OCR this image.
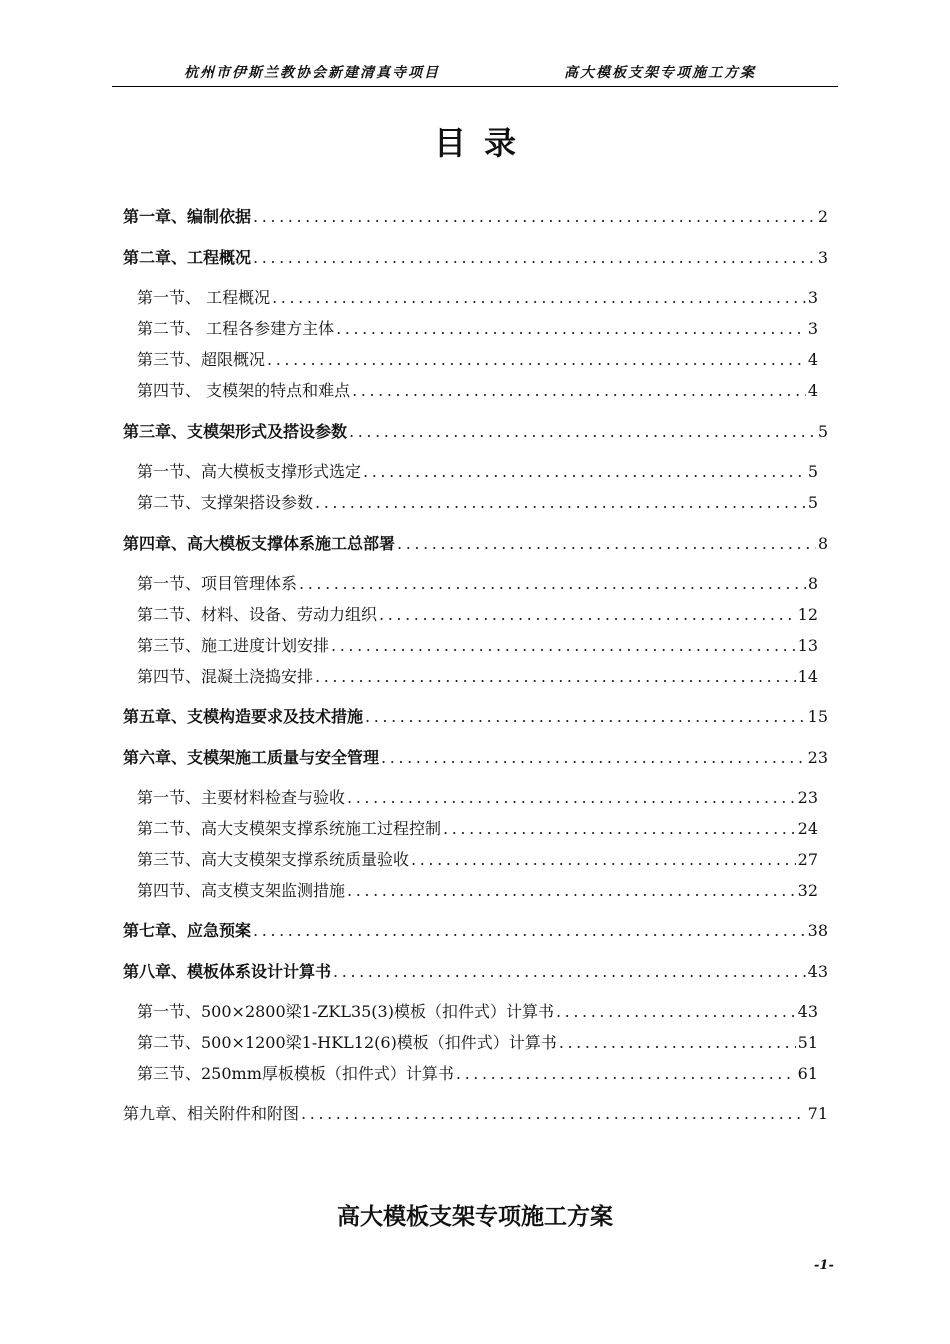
杭州市伊斯兰教协会新建清真寺项目	高大模板支架专项施工方案
目录
第一章、编制依据 .....	2
第二章、工程概况 .....	3
第一节、 工程概况 .....	3
第二节、 工程各参建方主体 .....	3
第三节、超限概况 .....	4
第四节、 支模架的特点和难点 .....	4
第三章、支模架形式及搭设参数 .....	5
第一节、高大模板支撑形式选定 .....	5
第二节、支撑架搭设参数 .....	5
第四章、高大模板支撑体系施工总部署 .....	8
第一节、项目管理体系 .....	8
第二节、材料、设备、劳动力组织 .....	12
第三节、施工进度计划安排 .....	13
第四节、混凝土浇捣安排 .....	14
第五章、支模构造要求及技术措施 .....	15
第六章、支模架施工质量与安全管理 .....	23
第一节、主要材料检查与验收 .....	23
第二节、高大支模架支撑系统施工过程控制 .....	24
第三节、高大支模架支撑系统质量验收 .....	27
第四节、高支模支架监测措施 .....	32
第七章、应急预案 .....	38
第八章、模板体系设计计算书 .....	43
第一节、500×2800梁1-ZKL35(3)模板（扣件式）计算书 .....	43
第二节、500×1200梁1-HKL12(6)模板（扣件式）计算书 .....	51
第三节、250mm厚板模板（扣件式）计算书 .....	61
第九章、相关附件和附图 .....	71
高大模板支架专项施工方案
-1-
